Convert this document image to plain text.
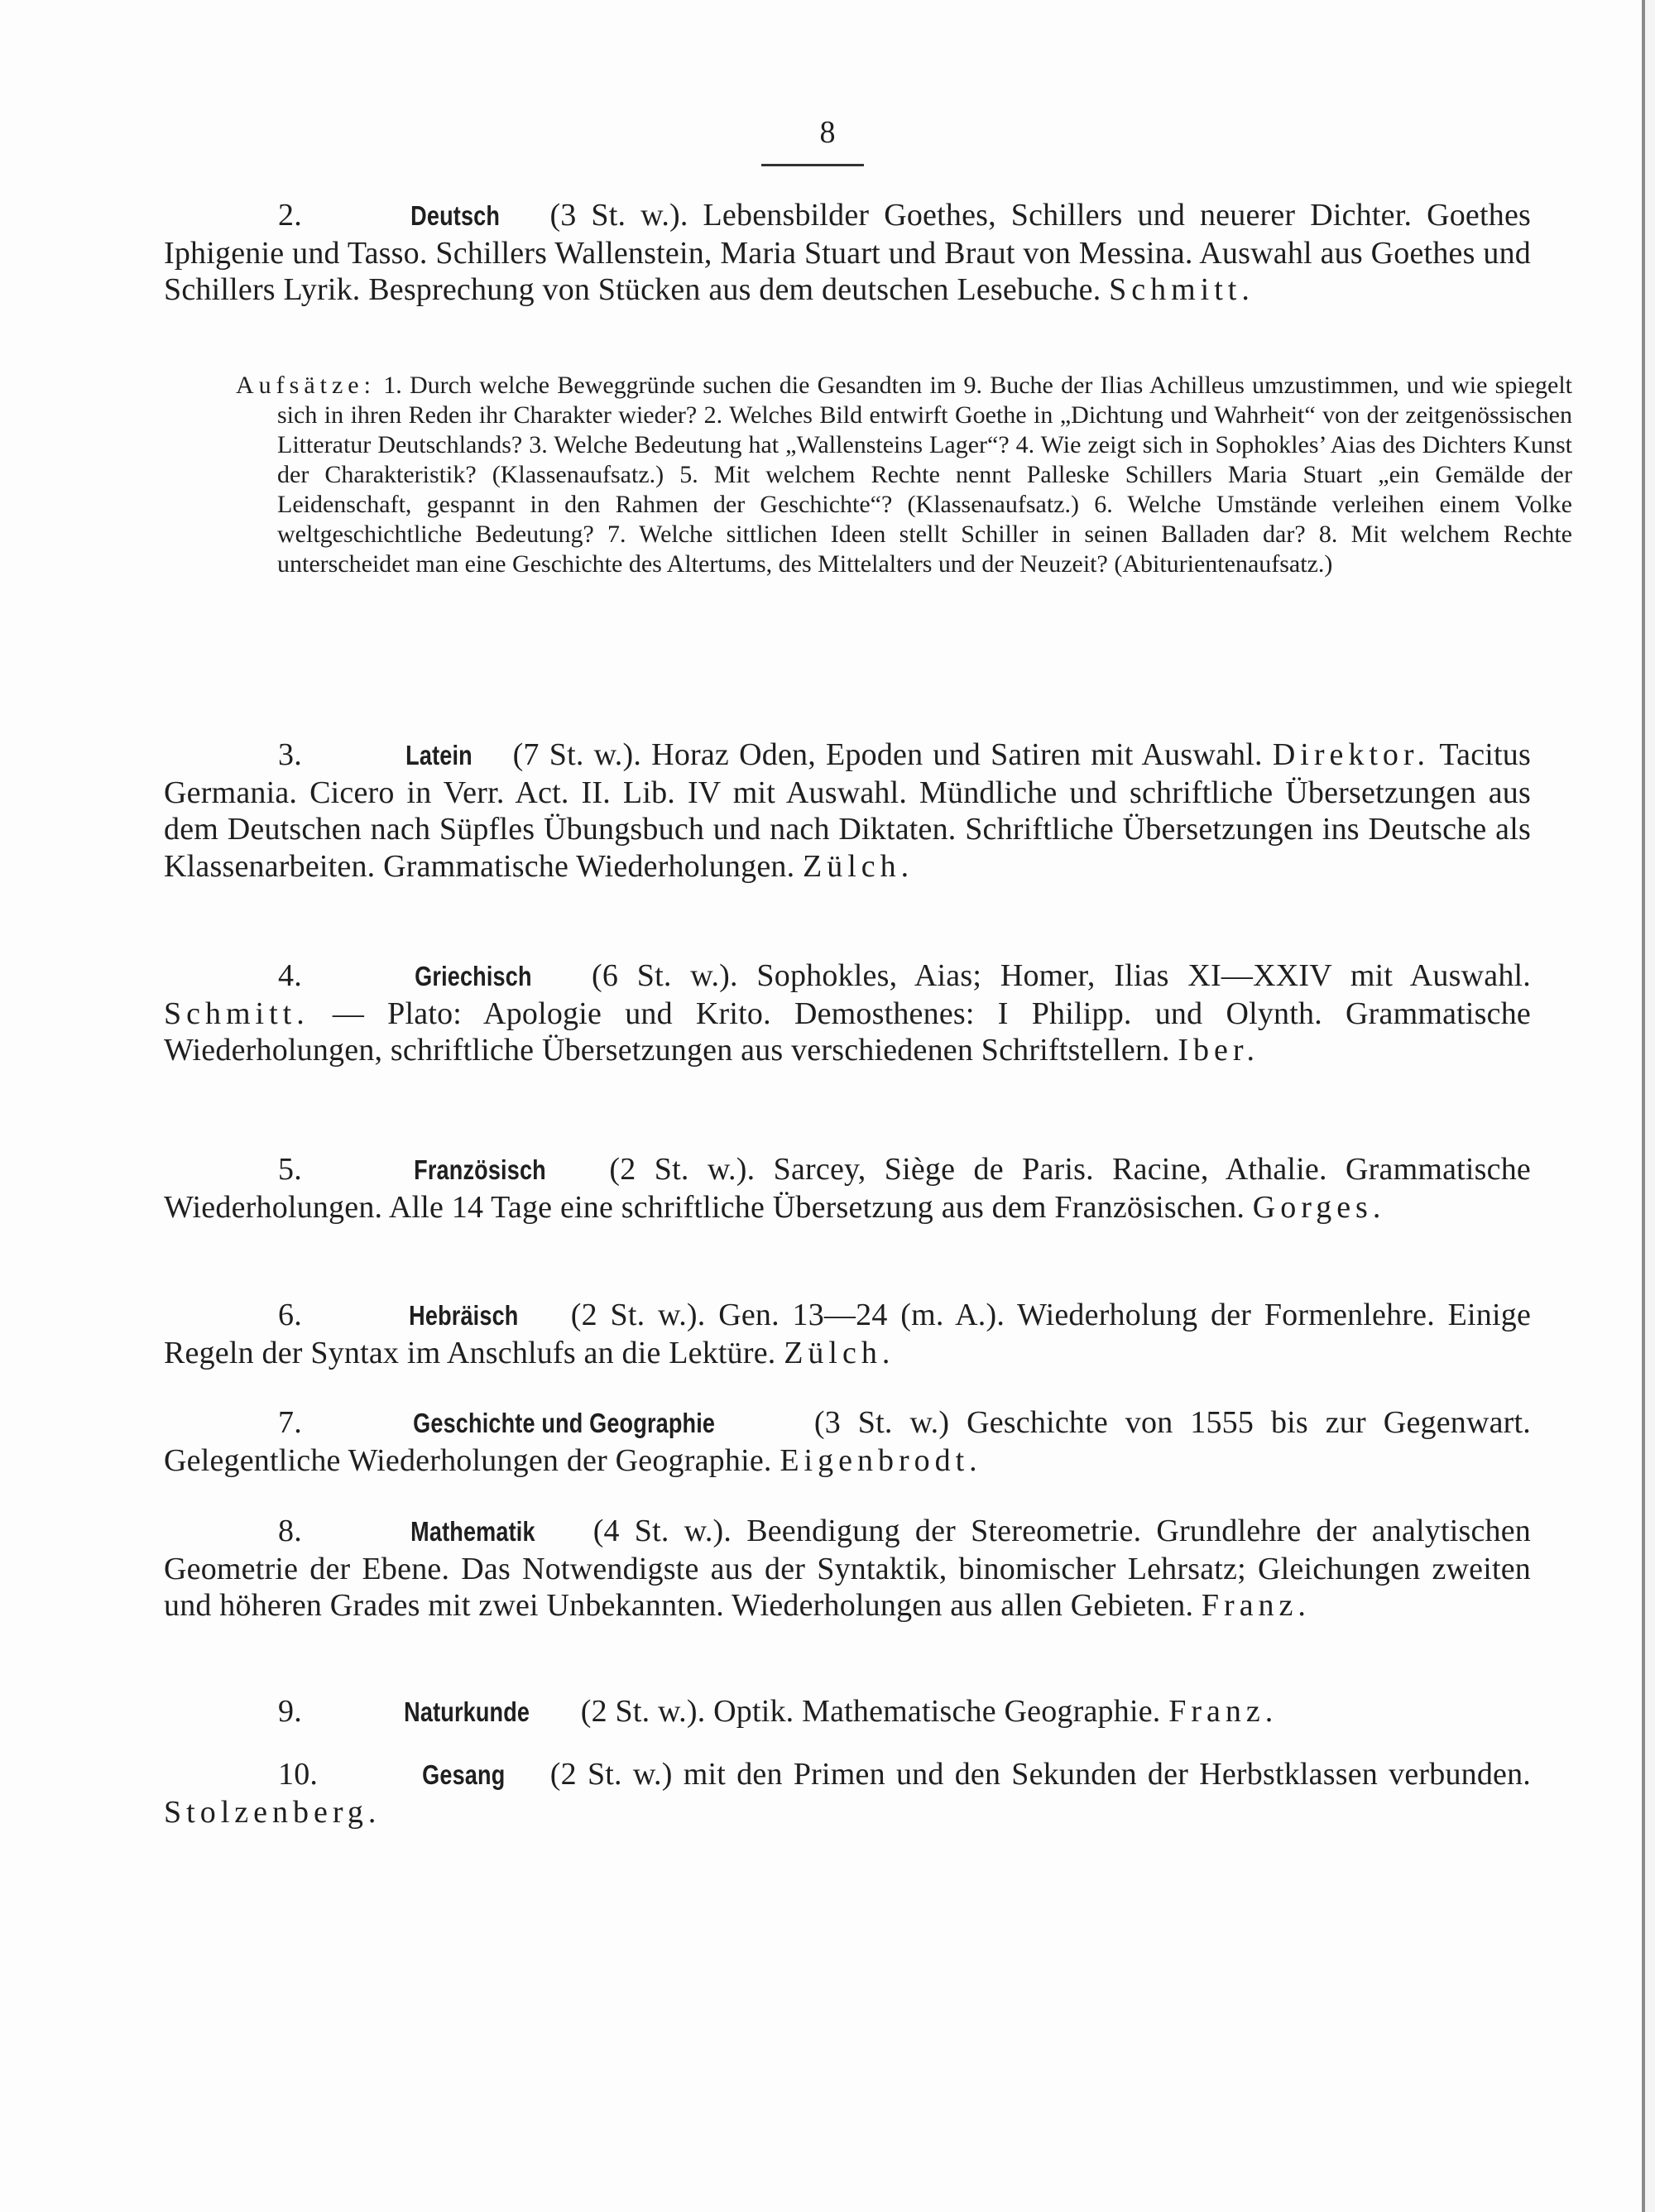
8

2.	Deutsch (3 St. w.). Lebensbilder Goethes, Schillers und neuerer Dichter. Goethes Iphigenie und Tasso. Schillers Wallenstein, Maria Stuart und Braut von Messina. Auswahl aus Goethes und Schillers Lyrik. Besprechung von Stücken aus dem deutschen Lesebuche. Schmitt.

Aufsätze: 1. Durch welche Beweggründe suchen die Gesandten im 9. Buche der Ilias Achilleus umzustimmen, und wie spiegelt sich in ihren Reden ihr Charakter wieder? 2. Welches Bild entwirft Goethe in „Dichtung und Wahrheit“ von der zeitgenössischen Litteratur Deutschlands? 3. Welche Bedeutung hat „Wallensteins Lager“? 4. Wie zeigt sich in Sophokles’ Aias des Dichters Kunst der Charakteristik? (Klassenaufsatz.) 5. Mit welchem Rechte nennt Palleske Schillers Maria Stuart „ein Gemälde der Leidenschaft, gespannt in den Rahmen der Geschichte“? (Klassenaufsatz.) 6. Welche Umstände verleihen einem Volke weltgeschichtliche Bedeutung? 7. Welche sittlichen Ideen stellt Schiller in seinen Balladen dar? 8. Mit welchem Rechte unterscheidet man eine Geschichte des Altertums, des Mittelalters und der Neuzeit? (Abiturientenaufsatz.)

3.	Latein (7 St. w.). Horaz Oden, Epoden und Satiren mit Auswahl. Direktor. Tacitus Germania. Cicero in Verr. Act. II. Lib. IV mit Auswahl. Mündliche und schriftliche Übersetzungen aus dem Deutschen nach Süpfles Übungsbuch und nach Diktaten. Schriftliche Übersetzungen ins Deutsche als Klassenarbeiten. Grammatische Wiederholungen. Zülch.

4.	Griechisch (6 St. w.). Sophokles, Aias; Homer, Ilias XI—XXIV mit Auswahl. Schmitt. — Plato: Apologie und Krito. Demosthenes: I Philipp. und Olynth. Grammatische Wiederholungen, schriftliche Übersetzungen aus verschiedenen Schriftstellern. Iber.

5.	Französisch (2 St. w.). Sarcey, Siège de Paris. Racine, Athalie. Grammatische Wiederholungen. Alle 14 Tage eine schriftliche Übersetzung aus dem Französischen. Gorges.

6.	Hebräisch (2 St. w.). Gen. 13—24 (m. A.). Wiederholung der Formenlehre. Einige Regeln der Syntax im Anschlufs an die Lektüre. Zülch.

7.	Geschichte und Geographie	(3 St. w.) Geschichte von 1555 bis zur Gegenwart. Gelegentliche Wiederholungen der Geographie. Eigenbrodt.

8.	Mathematik (4 St. w.). Beendigung der Stereometrie. Grundlehre der analytischen Geometrie der Ebene. Das Notwendigste aus der Syntaktik, binomischer Lehrsatz; Gleichungen zweiten und höheren Grades mit zwei Unbekannten. Wiederholungen aus allen Gebieten. Franz.

9.	Naturkunde (2 St. w.). Optik. Mathematische Geographie. Franz.

10.	Gesang (2 St. w.) mit den Primen und den Sekunden der Herbstklassen verbunden. Stolzenberg.
